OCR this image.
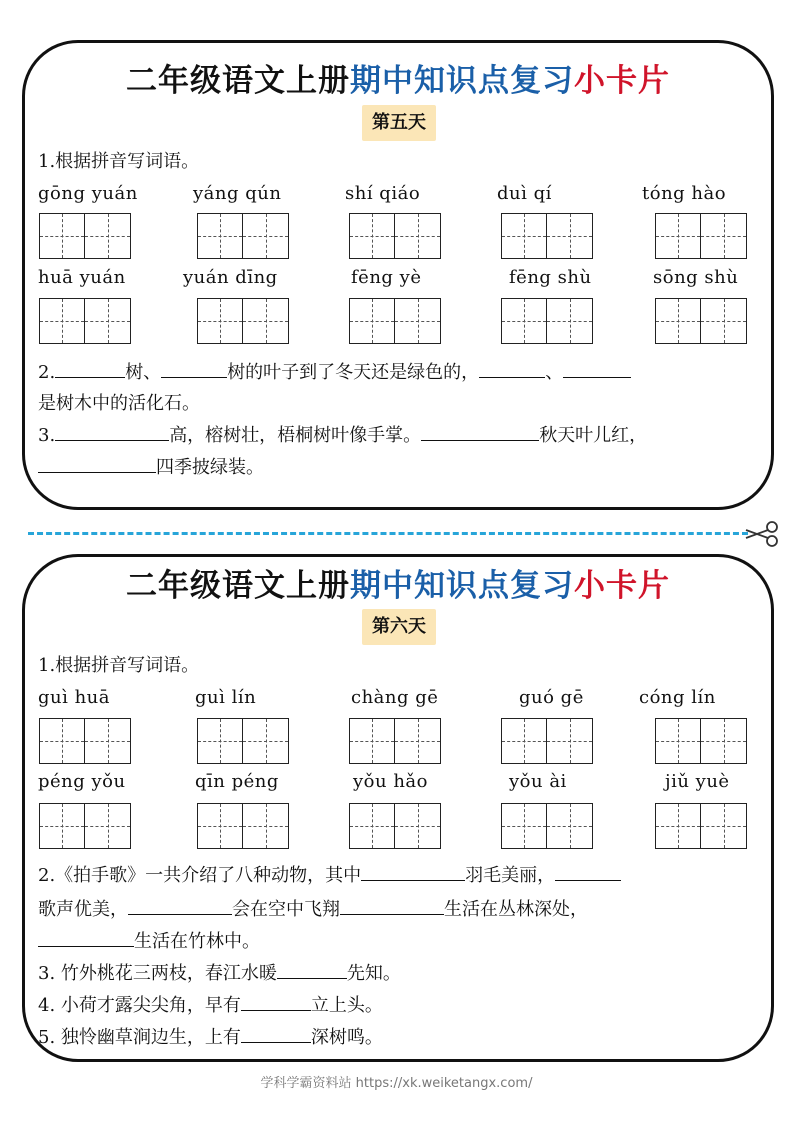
二年级语文上册期中知识点复习小卡片
第五天
1.根据拼音写词语。
gōng yuán	yáng qún	shí qiáo	duì qí	tóng hào
huā yuán	yuán dīng	fēng yè	fēng shù	sōng shù
2.	树、	树的叶子到了冬天还是绿色的，	、
是树木中的活化石。
3.	高，榕树壮，梧桐树叶像手掌。	秋天叶儿红，
四季披绿装。
二年级语文上册期中知识点复习小卡片
第六天
1.根据拼音写词语。
guì huā	guì lín	chàng gē	guó gē	cóng lín
péng yǒu	qīn péng	yǒu hǎo	yǒu ài	jiǔ yuè
2.《拍手歌》一共介绍了八种动物，其中	羽毛美丽，
歌声优美，	会在空中飞翔	生活在丛林深处，
生活在竹林中。
3. 竹外桃花三两枝，春江水暖	先知。
4. 小荷才露尖尖角，早有	立上头。
5. 独怜幽草涧边生，上有	深树鸣。
学科学霸资料站 https://xk.weiketangx.com/
